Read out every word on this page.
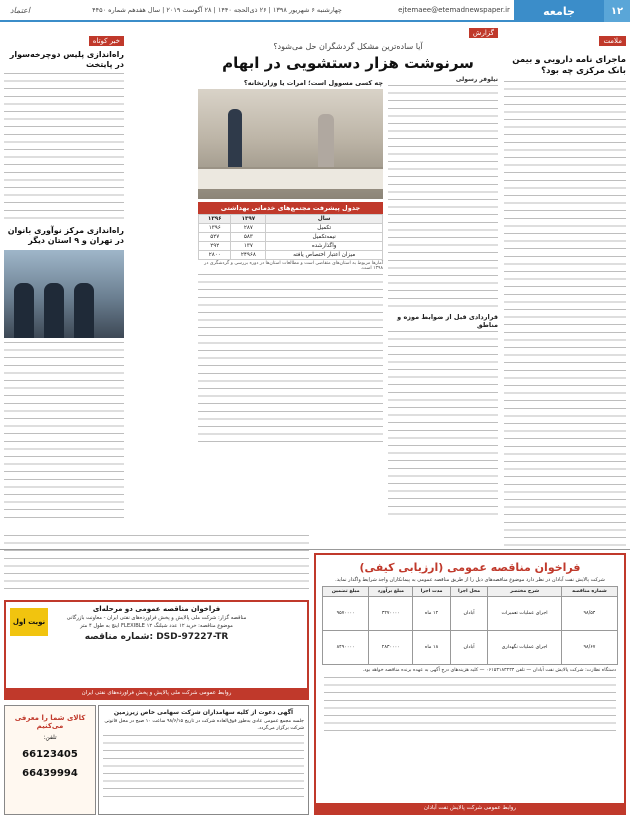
۱۲
جامعه
ejtemaee@etemadnewspaper.ir
چهارشنبه ۶ شهریور ۱۳۹۸ | ۲۶ ذی‌الحجه ۱۴۴۰ | ۲۸ آگوست ۲۰۱۹ | سال هفدهم شماره ۴۴۵۰
اعتماد
ملامت
ماجرای نامه دارویی و بیمن بانک مرکزی چه بود؟
گزارش
آیا ساده‌ترین مشکل گردشگران حل می‌شود؟
سرنوشت هزار دستشویی در ابهام
نیلوفر رسولی
قراردادی قبل از ضوابط موزه و مناطق
چه کسی مسوول است؛ امرات یا وزارتخانه؟
جدول پیشرفت مجتمع‌های خدماتی بهداشتی
سال	۱۳۹۷	۱۳۹۶
تکمیل	۲۸۷	۱۳۹۶
نیمه‌تکمیل	۵۸۳	۵۲۷
واگذارشده	۱۳۷	۲۹۲
میزان اعتبار اختصاص یافته	۲۴۹۶۸	۲۸۰۰
آمارها مربوط به استان‌های متقاضی است و مطالعات استان‌ها در دوره بررسی و گردشگری در ۱۳۹۸ است.
خبر کوتاه
راه‌اندازی پلیس دوچرخه‌سوار در پایتخت
راه‌اندازی مرکز نوآوری بانوان در تهران و ۹ استان دیگر
فراخوان مناقصه عمومی (ارزیابی کیفی)
شرکت پالایش نفت آبادان در نظر دارد موضوع مناقصه‌های ذیل را از طریق مناقصه عمومی به پیمانکاران واجد شرایط واگذار نماید.
شماره مناقصه	شرح مختصر	محل اجرا	مدت اجرا	مبلغ برآورد	مبلغ تضمین
۹۸/۵۴	اجرای عملیات تعمیرات	آبادان	۱۲ ماه	۳۲۷۰۰۰۰	۹۵۷۰۰۰۰
۹۸/۶۷	اجرای عملیات نگهداری	آبادان	۱۸ ماه	۲۸۳۰۰۰۰	۸۴۹۰۰۰۰
دستگاه نظارت: شرکت پالایش نفت آبادان — تلفن ۰۶۱۵۳۱۸۳۲۳۴ — کلیه هزینه‌های درج آگهی به عهده برنده مناقصه خواهد بود.
روابط عمومی شرکت پالایش نفت آبادان
نوبت اول
فراخوان مناقصه عمومی دو مرحله‌ای
مناقصه گزار: شرکت ملی پالایش و پخش فراورده‌های نفتی ایران - معاونت بازرگانی
موضوع مناقصه: خرید ۱۲ عدد شیلنگ FLEXIBLE ۱۲ اینچ به طول ۴ متر
شماره مناقصه: DSD-97227-TR
روابط عمومی شرکت ملی پالایش و پخش فراورده‌های نفتی ایران
آگهی دعوت از کلیه سهامداران شرکت سهامی خاص زیرزمین
جلسه مجمع عمومی عادی به‌طور فوق‌العاده شرکت در تاریخ ۹۸/۶/۱۵ ساعت ۱۰ صبح در محل قانونی شرکت برگزار می‌گردد.
کالای شما را معرفی می‌کنیم
تلفن:
66123405
66439994
